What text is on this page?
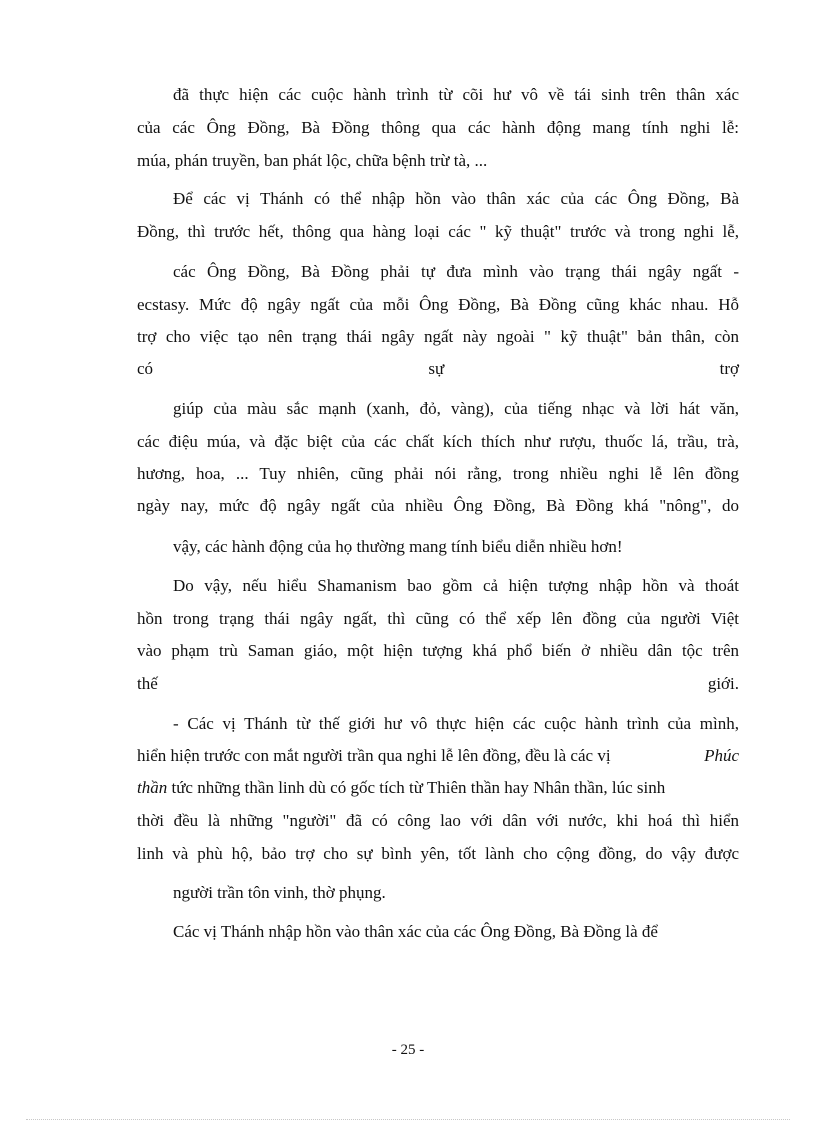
đã thực hiện các cuộc hành trình từ cõi hư vô về tái sinh trên thân xác

của các Ông Đồng, Bà Đồng thông qua các hành động mang tính nghi lễ:

múa, phán truyền, ban phát lộc, chữa bệnh trừ tà, ...

Để các vị Thánh có thể nhập hồn vào thân xác của các Ông Đồng, Bà

Đồng, thì trước hết, thông qua hàng loại các " kỹ thuật" trước và trong nghi lễ,

các Ông Đồng, Bà Đồng phải tự đưa mình vào trạng thái ngây ngất -

ecstasy. Mức độ ngây ngất của mỗi Ông Đồng, Bà Đồng cũng khác nhau. Hỗ

trợ cho việc tạo nên trạng thái ngây ngất này ngoài " kỹ thuật" bản thân, còn

có	sự	trợ

giúp của màu sắc mạnh (xanh, đỏ, vàng), của tiếng nhạc và lời hát văn,

các điệu múa, và đặc biệt của các chất kích thích như rượu, thuốc lá, trầu, trà,

hương, hoa, ... Tuy nhiên, cũng phải nói rằng, trong nhiều nghi lễ lên đồng

ngày nay, mức độ ngây ngất của nhiều Ông Đồng, Bà Đồng khá "nông", do

vậy, các hành động của họ thường mang tính biểu diễn nhiều hơn!

Do vậy, nếu hiểu Shamanism bao gồm cả hiện tượng nhập hồn và thoát

hồn trong trạng thái ngây ngất, thì cũng có thể xếp lên đồng của người Việt

vào phạm trù Saman giáo, một hiện tượng khá phổ biến ở nhiều dân tộc trên

thế	giới.

- Các vị Thánh từ thế giới hư vô thực hiện các cuộc hành trình của mình,

hiển hiện trước con mắt người trần qua nghi lễ lên đồng, đều là các vị	Phúc

thần tức những thần linh dù có gốc tích từ Thiên thần hay Nhân thần, lúc sinh

thời đều là những "người" đã có công lao với dân với nước, khi hoá thì hiển

linh và phù hộ, bảo trợ cho sự bình yên, tốt lành cho cộng đồng, do vậy được

người trần tôn vinh, thờ phụng.

Các vị Thánh nhập hồn vào thân xác của các Ông Đồng, Bà Đồng là để

- 25 -
